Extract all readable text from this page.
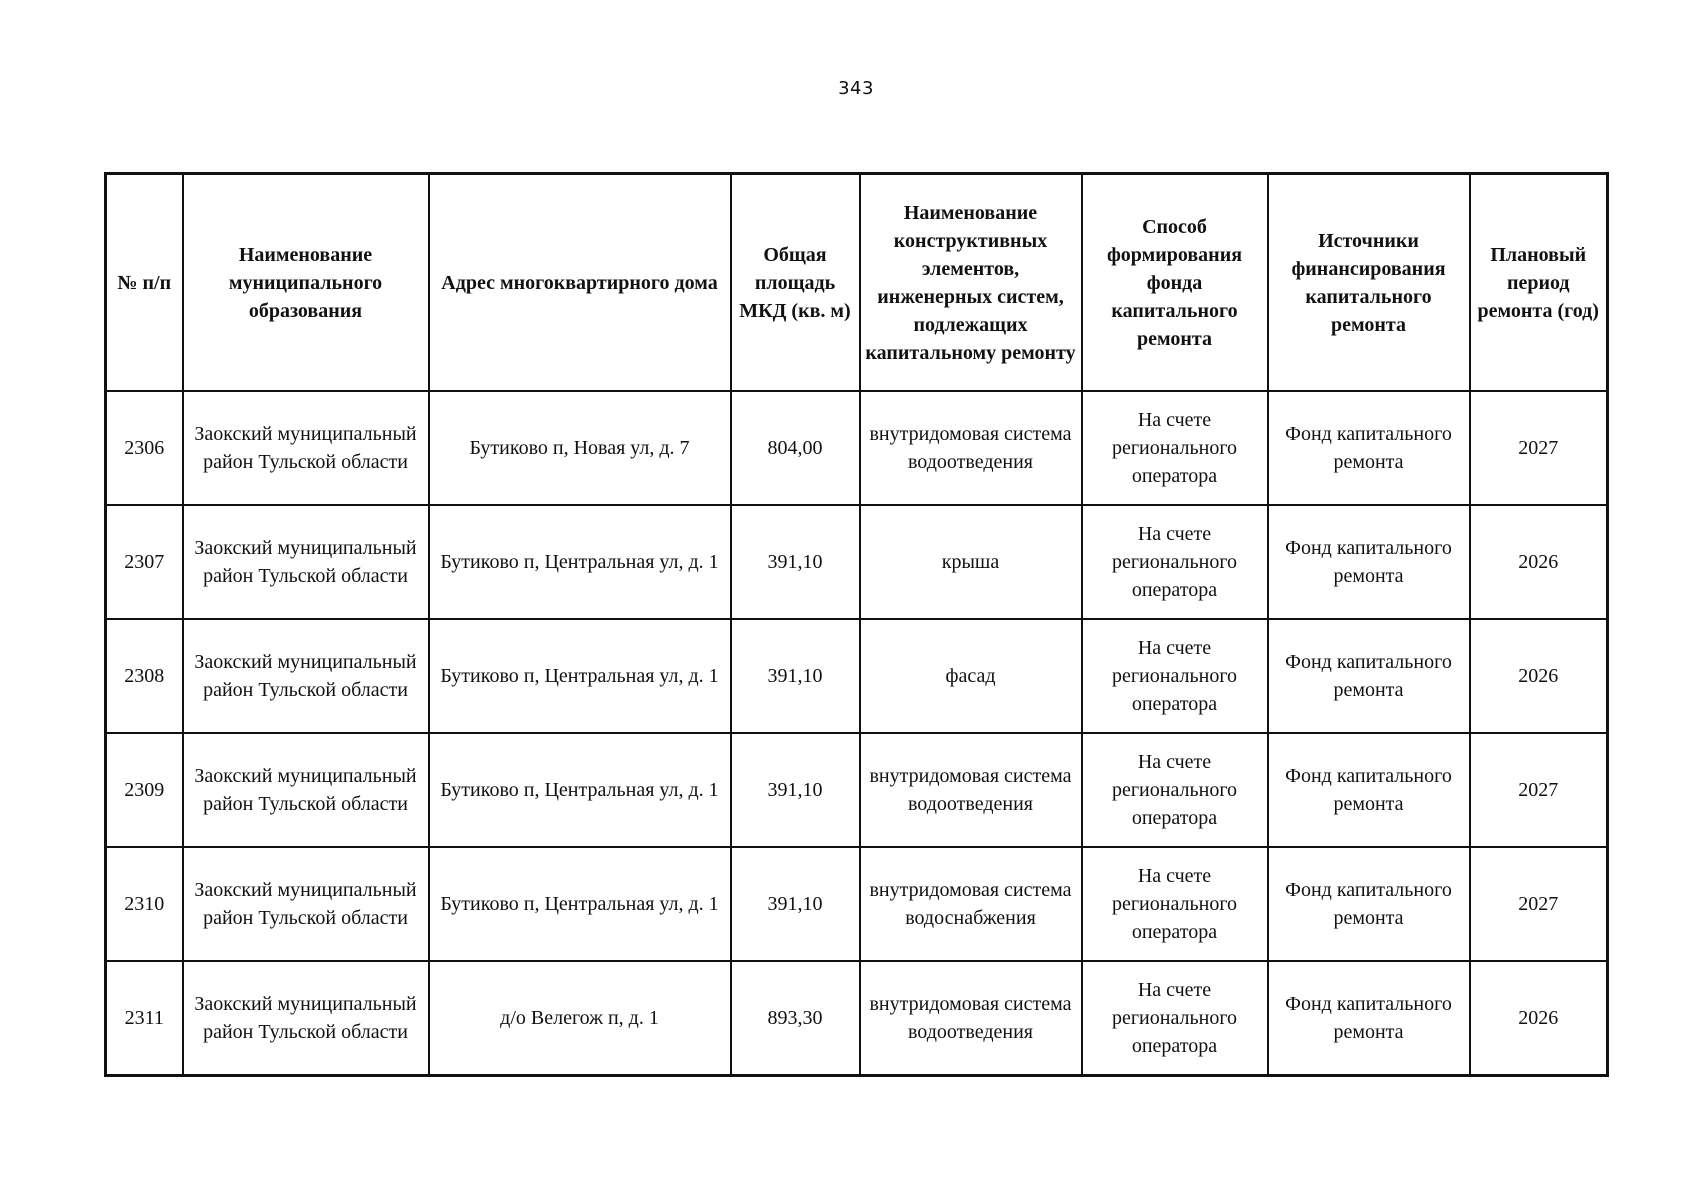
343
№ п/п	Наименование муниципального образования	Адрес многоквартирного дома	Общая площадь МКД (кв. м)	Наименование конструктивных элементов, инженерных систем, подлежащих капитальному ремонту	Способ формирования фонда капитального ремонта	Источники финансирования капитального ремонта	Плановый период ремонта (год)
2306	Заокский муниципальный район Тульской области	Бутиково п, Новая ул, д. 7	804,00	внутридомовая система водоотведения	На счете регионального оператора	Фонд капитального ремонта	2027
2307	Заокский муниципальный район Тульской области	Бутиково п, Центральная ул, д. 1	391,10	крыша	На счете регионального оператора	Фонд капитального ремонта	2026
2308	Заокский муниципальный район Тульской области	Бутиково п, Центральная ул, д. 1	391,10	фасад	На счете регионального оператора	Фонд капитального ремонта	2026
2309	Заокский муниципальный район Тульской области	Бутиково п, Центральная ул, д. 1	391,10	внутридомовая система водоотведения	На счете регионального оператора	Фонд капитального ремонта	2027
2310	Заокский муниципальный район Тульской области	Бутиково п, Центральная ул, д. 1	391,10	внутридомовая система водоснабжения	На счете регионального оператора	Фонд капитального ремонта	2027
2311	Заокский муниципальный район Тульской области	д/о Велегож п, д. 1	893,30	внутридомовая система водоотведения	На счете регионального оператора	Фонд капитального ремонта	2026
